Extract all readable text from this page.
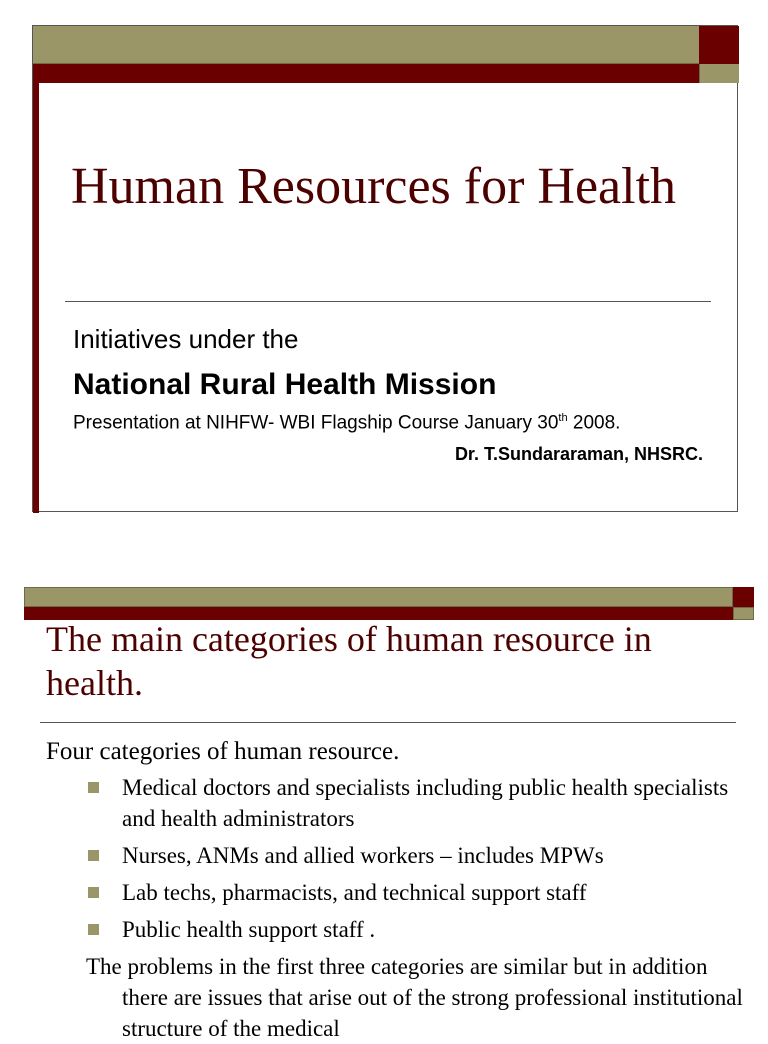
Human Resources for Health
Initiatives under the
National Rural Health Mission
Presentation at NIHFW- WBI Flagship Course January 30th 2008.
Dr. T.Sundararaman, NHSRC.
The main categories of human resource in health.

Four categories of human resource.

Medical doctors and specialists including public health specialists and health administrators
Nurses, ANMs and allied workers – includes MPWs
Lab techs, pharmacists, and technical support staff
Public health support staff .

The problems in the first three categories are similar but in addition there are issues that arise out of the strong professional institutional structure of the medical
